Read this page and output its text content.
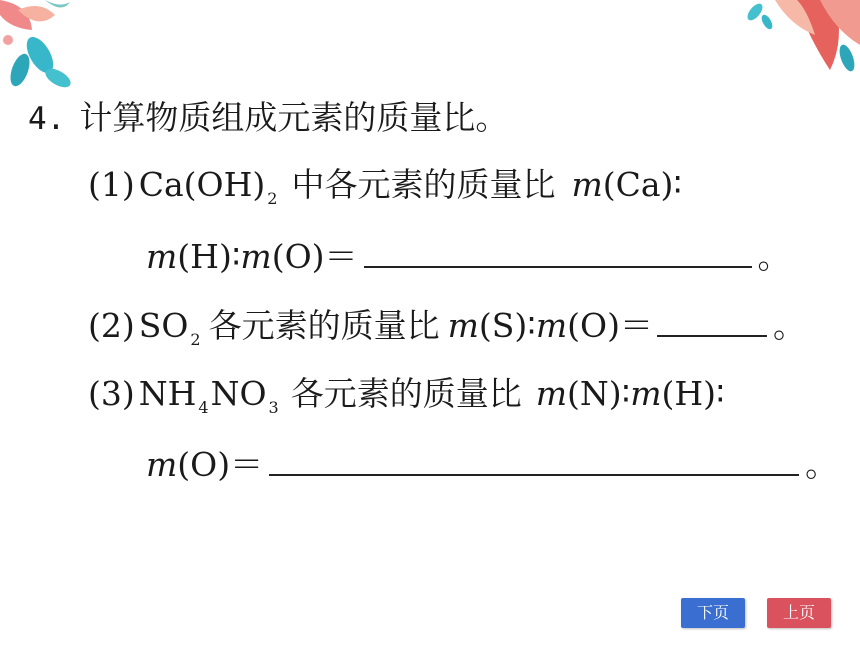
4. 计算物质组成元素的质量比。
(1) Ca(OH) 2 中各元素的质量比 m (Ca)∶
m (H)∶ m (O)＝	。
(2) SO 2 各元素的质量比 m (S)∶ m (O)＝	。
(3) NH 4 NO 3 各元素的质量比 m (N)∶ m (H)∶
m (O)＝	。
下页	上页
